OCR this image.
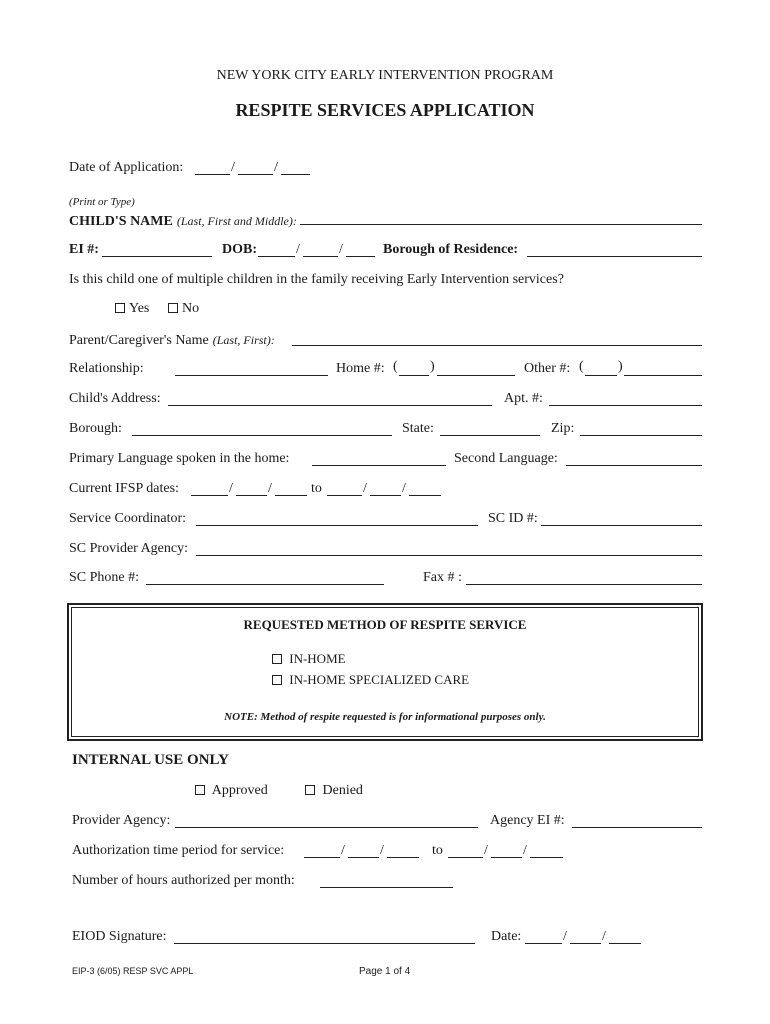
NEW YORK CITY EARLY INTERVENTION PROGRAM
RESPITE SERVICES APPLICATION
Date of Application:	/	/
(Print or Type)
CHILD'S NAME (Last, First and Middle):
EI #:	DOB:	/	/	Borough of Residence:
Is this child one of multiple children in the family receiving Early Intervention services?
Yes	No
Parent/Caregiver's Name (Last, First):
Relationship:	Home #: ( )	Other #: ( )
Child's Address:	Apt. #:
Borough:	State:	Zip:
Primary Language spoken in the home:	Second Language:
Current IFSP dates:	/	/	to	/	/
Service Coordinator:	SC ID #:
SC Provider Agency:
SC Phone #:	Fax # :
REQUESTED METHOD OF RESPITE SERVICE
IN-HOME
IN-HOME SPECIALIZED CARE
NOTE: Method of respite requested is for informational purposes only.
INTERNAL USE ONLY
Approved	Denied
Provider Agency:	Agency EI #:
Authorization time period for service:	/	/	to	/	/
Number of hours authorized per month:
EIOD Signature:	Date:	/	/
EIP-3 (6/05) RESP SVC APPL	Page 1 of 4
